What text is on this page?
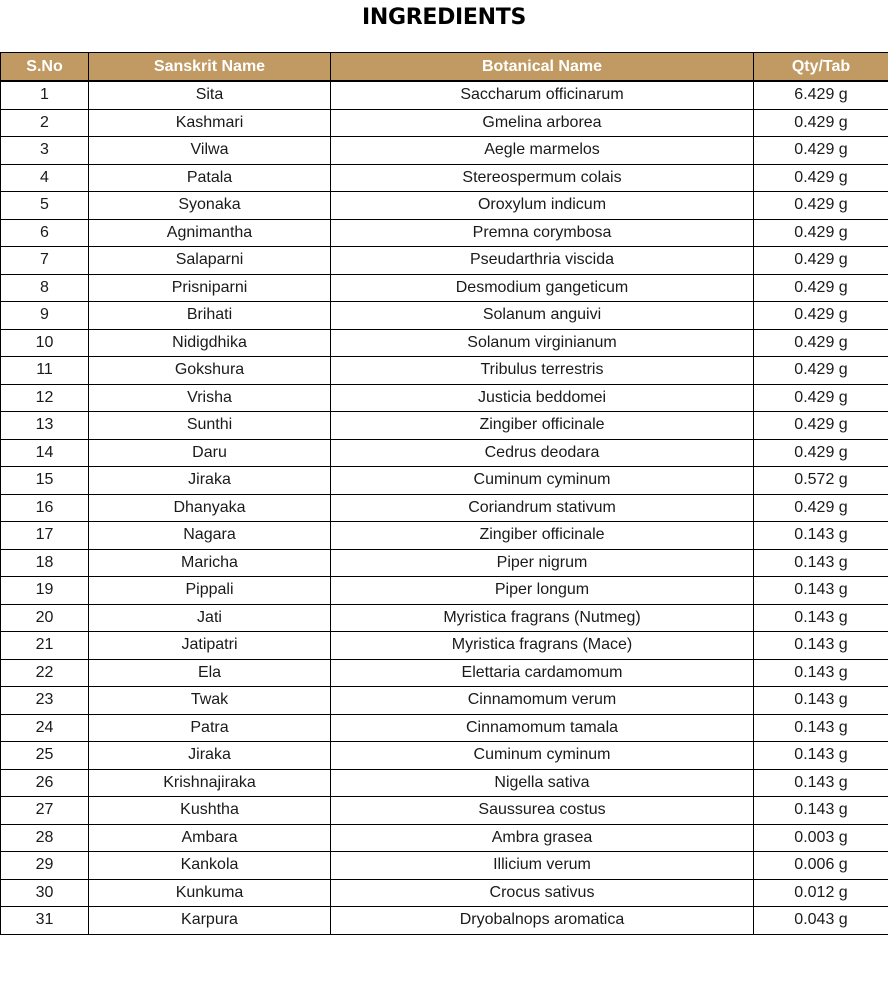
INGREDIENTS
S.No	Sanskrit Name	Botanical Name	Qty/Tab
1	Sita	Saccharum officinarum	6.429 g
2	Kashmari	Gmelina arborea	0.429 g
3	Vilwa	Aegle marmelos	0.429 g
4	Patala	Stereospermum colais	0.429 g
5	Syonaka	Oroxylum indicum	0.429 g
6	Agnimantha	Premna corymbosa	0.429 g
7	Salaparni	Pseudarthria viscida	0.429 g
8	Prisniparni	Desmodium gangeticum	0.429 g
9	Brihati	Solanum anguivi	0.429 g
10	Nidigdhika	Solanum virginianum	0.429 g
11	Gokshura	Tribulus terrestris	0.429 g
12	Vrisha	Justicia beddomei	0.429 g
13	Sunthi	Zingiber officinale	0.429 g
14	Daru	Cedrus deodara	0.429 g
15	Jiraka	Cuminum cyminum	0.572 g
16	Dhanyaka	Coriandrum stativum	0.429 g
17	Nagara	Zingiber officinale	0.143 g
18	Maricha	Piper nigrum	0.143 g
19	Pippali	Piper longum	0.143 g
20	Jati	Myristica fragrans (Nutmeg)	0.143 g
21	Jatipatri	Myristica fragrans (Mace)	0.143 g
22	Ela	Elettaria cardamomum	0.143 g
23	Twak	Cinnamomum verum	0.143 g
24	Patra	Cinnamomum tamala	0.143 g
25	Jiraka	Cuminum cyminum	0.143 g
26	Krishnajiraka	Nigella sativa	0.143 g
27	Kushtha	Saussurea costus	0.143 g
28	Ambara	Ambra grasea	0.003 g
29	Kankola	Illicium verum	0.006 g
30	Kunkuma	Crocus sativus	0.012 g
31	Karpura	Dryobalnops aromatica	0.043 g
